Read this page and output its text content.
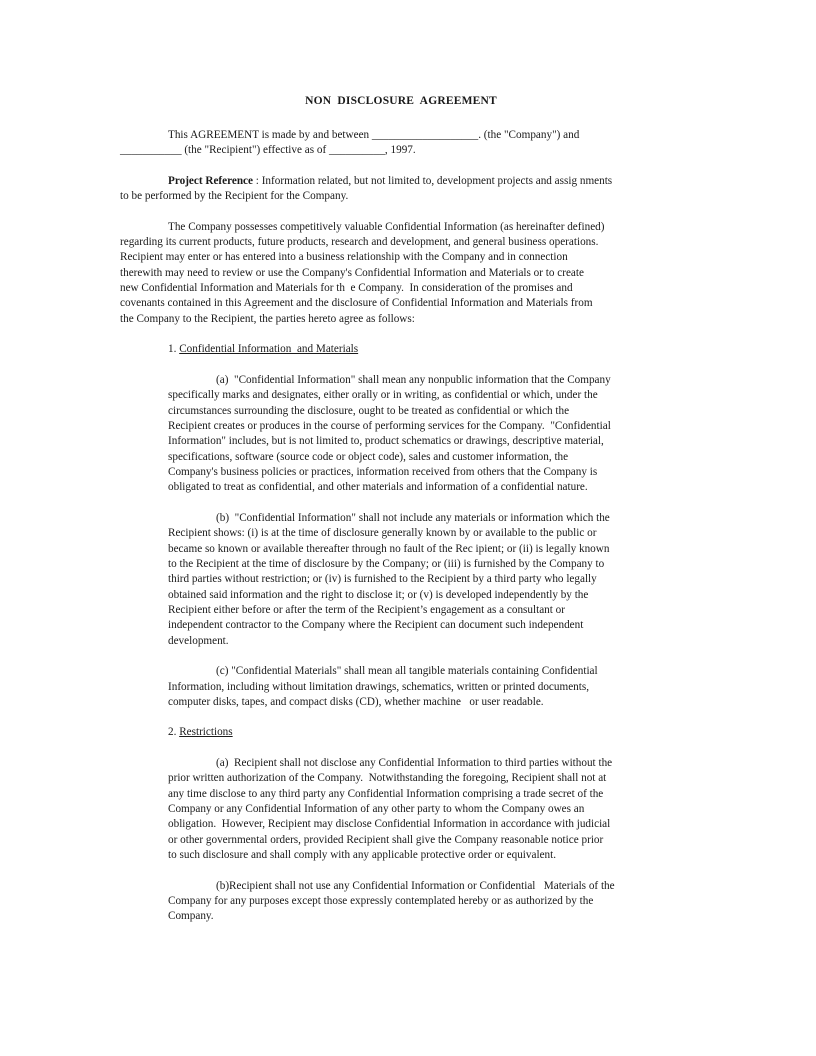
NON  DISCLOSURE  AGREEMENT
This AGREEMENT is made by and between ___________________. (the "Company") and
___________ (the "Recipient") effective as of __________, 1997.
Project Reference : Information related, but not limited to, development projects and assig nments
to be performed by the Recipient for the Company.
The Company possesses competitively valuable Confidential Information (as hereinafter defined)
regarding its current products, future products, research and development, and general business operations.
Recipient may enter or has entered into a business relationship with the Company and in connection
therewith may need to review or use the Company's Confidential Information and Materials or to create
new Confidential Information and Materials for th  e Company.  In consideration of the promises and
covenants contained in this Agreement and the disclosure of Confidential Information and Materials from
the Company to the Recipient, the parties hereto agree as follows:
1. Confidential Information  and Materials
(a)  "Confidential Information" shall mean any nonpublic information that the Company
specifically marks and designates, either orally or in writing, as confidential or which, under the
circumstances surrounding the disclosure, ought to be treated as confidential or which the
Recipient creates or produces in the course of performing services for the Company.  "Confidential
Information" includes, but is not limited to, product schematics or drawings, descriptive material,
specifications, software (source code or object code), sales and customer information, the
Company's business policies or practices, information received from others that the Company is
obligated to treat as confidential, and other materials and information of a confidential nature.
(b)  "Confidential Information" shall not include any materials or information which the
Recipient shows: (i) is at the time of disclosure generally known by or available to the public or
became so known or available thereafter through no fault of the Rec ipient; or (ii) is legally known
to the Recipient at the time of disclosure by the Company; or (iii) is furnished by the Company to
third parties without restriction; or (iv) is furnished to the Recipient by a third party who legally
obtained said information and the right to disclose it; or (v) is developed independently by the
Recipient either before or after the term of the Recipient’s engagement as a consultant or
independent contractor to the Company where the Recipient can document such independent
development.
(c) "Confidential Materials" shall mean all tangible materials containing Confidential
Information, including without limitation drawings, schematics, written or printed documents,
computer disks, tapes, and compact disks (CD), whether machine   or user readable.
2. Restrictions
(a)  Recipient shall not disclose any Confidential Information to third parties without the
prior written authorization of the Company.  Notwithstanding the foregoing, Recipient shall not at
any time disclose to any third party any Confidential Information comprising a trade secret of the
Company or any Confidential Information of any other party to whom the Company owes an
obligation.  However, Recipient may disclose Confidential Information in accordance with judicial
or other governmental orders, provided Recipient shall give the Company reasonable notice prior
to such disclosure and shall comply with any applicable protective order or equivalent.
(b)Recipient shall not use any Confidential Information or Confidential   Materials of the
Company for any purposes except those expressly contemplated hereby or as authorized by the
Company.
